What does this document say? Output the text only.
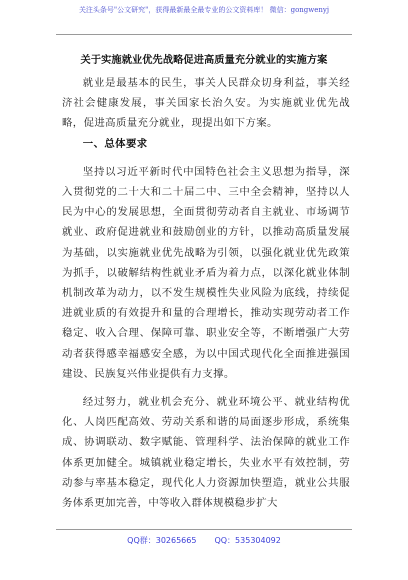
关注头条号"公文研究"，获得最新最全最专业的公文资料库！ 微信：gongwenyj
关于实施就业优先战略促进高质量充分就业的实施方案

就业是最基本的民生，事关人民群众切身利益，事关经济社会健康发展，事关国家长治久安。为实施就业优先战略，促进高质量充分就业，现提出如下方案。

一、总体要求

坚持以习近平新时代中国特色社会主义思想为指导，深入贯彻党的二十大和二十届二中、三中全会精神，坚持以人民为中心的发展思想，全面贯彻劳动者自主就业、市场调节就业、政府促进就业和鼓励创业的方针，以推动高质量发展为基础，以实施就业优先战略为引领，以强化就业优先政策为抓手，以破解结构性就业矛盾为着力点，以深化就业体制机制改革为动力，以不发生规模性失业风险为底线，持续促进就业质的有效提升和量的合理增长，推动实现劳动者工作稳定、收入合理、保障可靠、职业安全等，不断增强广大劳动者获得感幸福感安全感，为以中国式现代化全面推进强国建设、民族复兴伟业提供有力支撑。

经过努力，就业机会充分、就业环境公平、就业结构优化、人岗匹配高效、劳动关系和谐的局面逐步形成，系统集成、协调联动、数字赋能、管理科学、法治保障的就业工作体系更加健全。城镇就业稳定增长，失业水平有效控制，劳动参与率基本稳定，现代化人力资源加快塑造，就业公共服务体系更加完善，中等收入群体规模稳步扩大

QQ群：30265665 QQ：535304092
